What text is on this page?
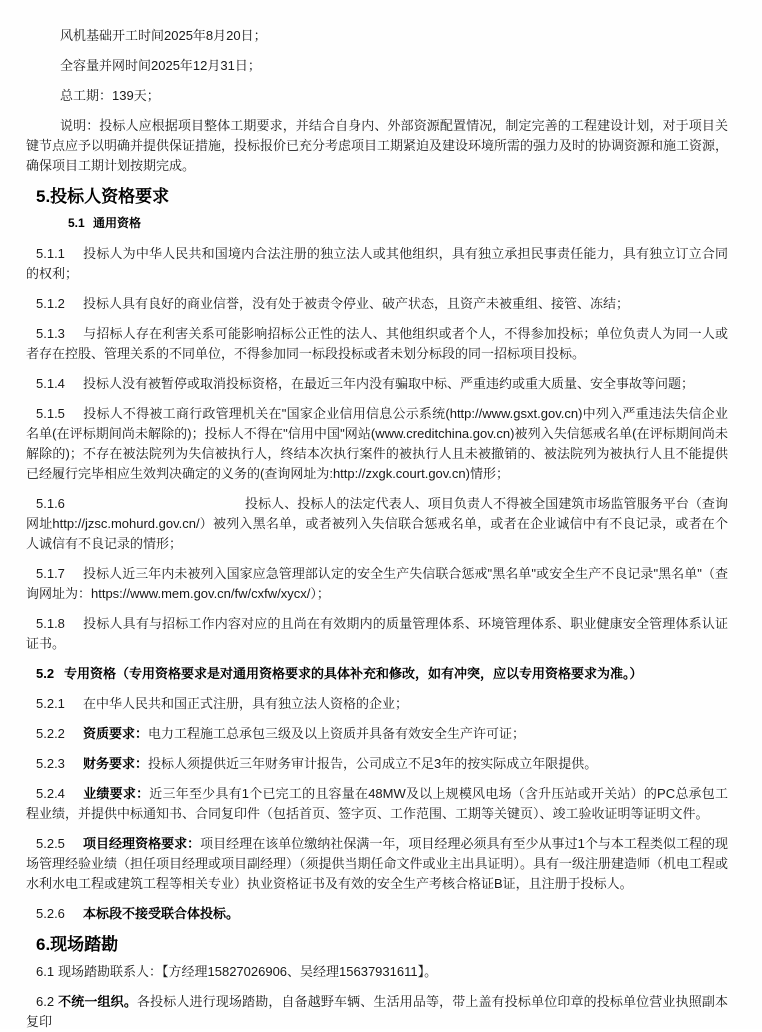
风机基础开工时间2025年8月20日；

全容量并网时间2025年12月31日；

总工期：139天；

说明：投标人应根据项目整体工期要求，并结合自身内、外部资源配置情况，制定完善的工程建设计划，对于项目关键节点应予以明确并提供保证措施，投标报价已充分考虑项目工期紧迫及建设环境所需的强力及时的协调资源和施工资源，确保项目工期计划按期完成。

5.投标人资格要求
5.1 通用资格

5.1.1 投标人为中华人民共和国境内合法注册的独立法人或其他组织，具有独立承担民事责任能力，具有独立订立合同的权利；

5.1.2 投标人具有良好的商业信誉，没有处于被责令停业、破产状态，且资产未被重组、接管、冻结；

5.1.3 与招标人存在利害关系可能影响招标公正性的法人、其他组织或者个人，不得参加投标；单位负责人为同一人或者存在控股、管理关系的不同单位，不得参加同一标段投标或者未划分标段的同一招标项目投标。

5.1.4 投标人没有被暂停或取消投标资格，在最近三年内没有骗取中标、严重违约或重大质量、安全事故等问题；

5.1.5 投标人不得被工商行政管理机关在"国家企业信用信息公示系统(http://www.gsxt.gov.cn)中列入严重违法失信企业名单(在评标期间尚未解除的)；投标人不得在"信用中国"网站(www.creditchina.gov.cn)被列入失信惩戒名单(在评标期间尚未解除的)；不存在被法院列为失信被执行人，终结本次执行案件的被执行人且未被撤销的、被法院列为被执行人且不能提供已经履行完毕相应生效判决确定的义务的(查询网址为:http://zxgk.court.gov.cn)情形；

5.1.6	投标人、投标人的法定代表人、项目负责人不得被全国建筑市场监管服务平台（查询网址http://jzsc.mohurd.gov.cn/）被列入黑名单，或者被列入失信联合惩戒名单，或者在企业诚信中有不良记录，或者在个人诚信有不良记录的情形；

5.1.7 投标人近三年内未被列入国家应急管理部认定的安全生产失信联合惩戒"黑名单"或安全生产不良记录"黑名单"（查询网址为：https://www.mem.gov.cn/fw/cxfw/xycx/）；

5.1.8 投标人具有与招标工作内容对应的且尚在有效期内的质量管理体系、环境管理体系、职业健康安全管理体系认证证书。

5.2 专用资格（专用资格要求是对通用资格要求的具体补充和修改，如有冲突，应以专用资格要求为准。）

5.2.1 在中华人民共和国正式注册，具有独立法人资格的企业；

5.2.2 资质要求：电力工程施工总承包三级及以上资质并具备有效安全生产许可证；

5.2.3 财务要求：投标人须提供近三年财务审计报告，公司成立不足3年的按实际成立年限提供。

5.2.4 业绩要求：近三年至少具有1个已完工的且容量在48MW及以上规模风电场（含升压站或开关站）的PC总承包工程业绩，并提供中标通知书、合同复印件（包括首页、签字页、工作范围、工期等关键页）、竣工验收证明等证明文件。

5.2.5 项目经理资格要求：项目经理在该单位缴纳社保满一年，项目经理必须具有至少从事过1个与本工程类似工程的现场管理经验业绩（担任项目经理或项目副经理）（须提供当期任命文件或业主出具证明）。具有一级注册建造师（机电工程或水利水电工程或建筑工程等相关专业）执业资格证书及有效的安全生产考核合格证B证，且注册于投标人。

5.2.6 本标段不接受联合体投标。

6.现场踏勘

6.1 现场踏勘联系人：【方经理15827026906、吴经理15637931611】。

6.2 不统一组织。各投标人进行现场踏勘，自备越野车辆、生活用品等，带上盖有投标单位印章的投标单位营业执照副本复印
